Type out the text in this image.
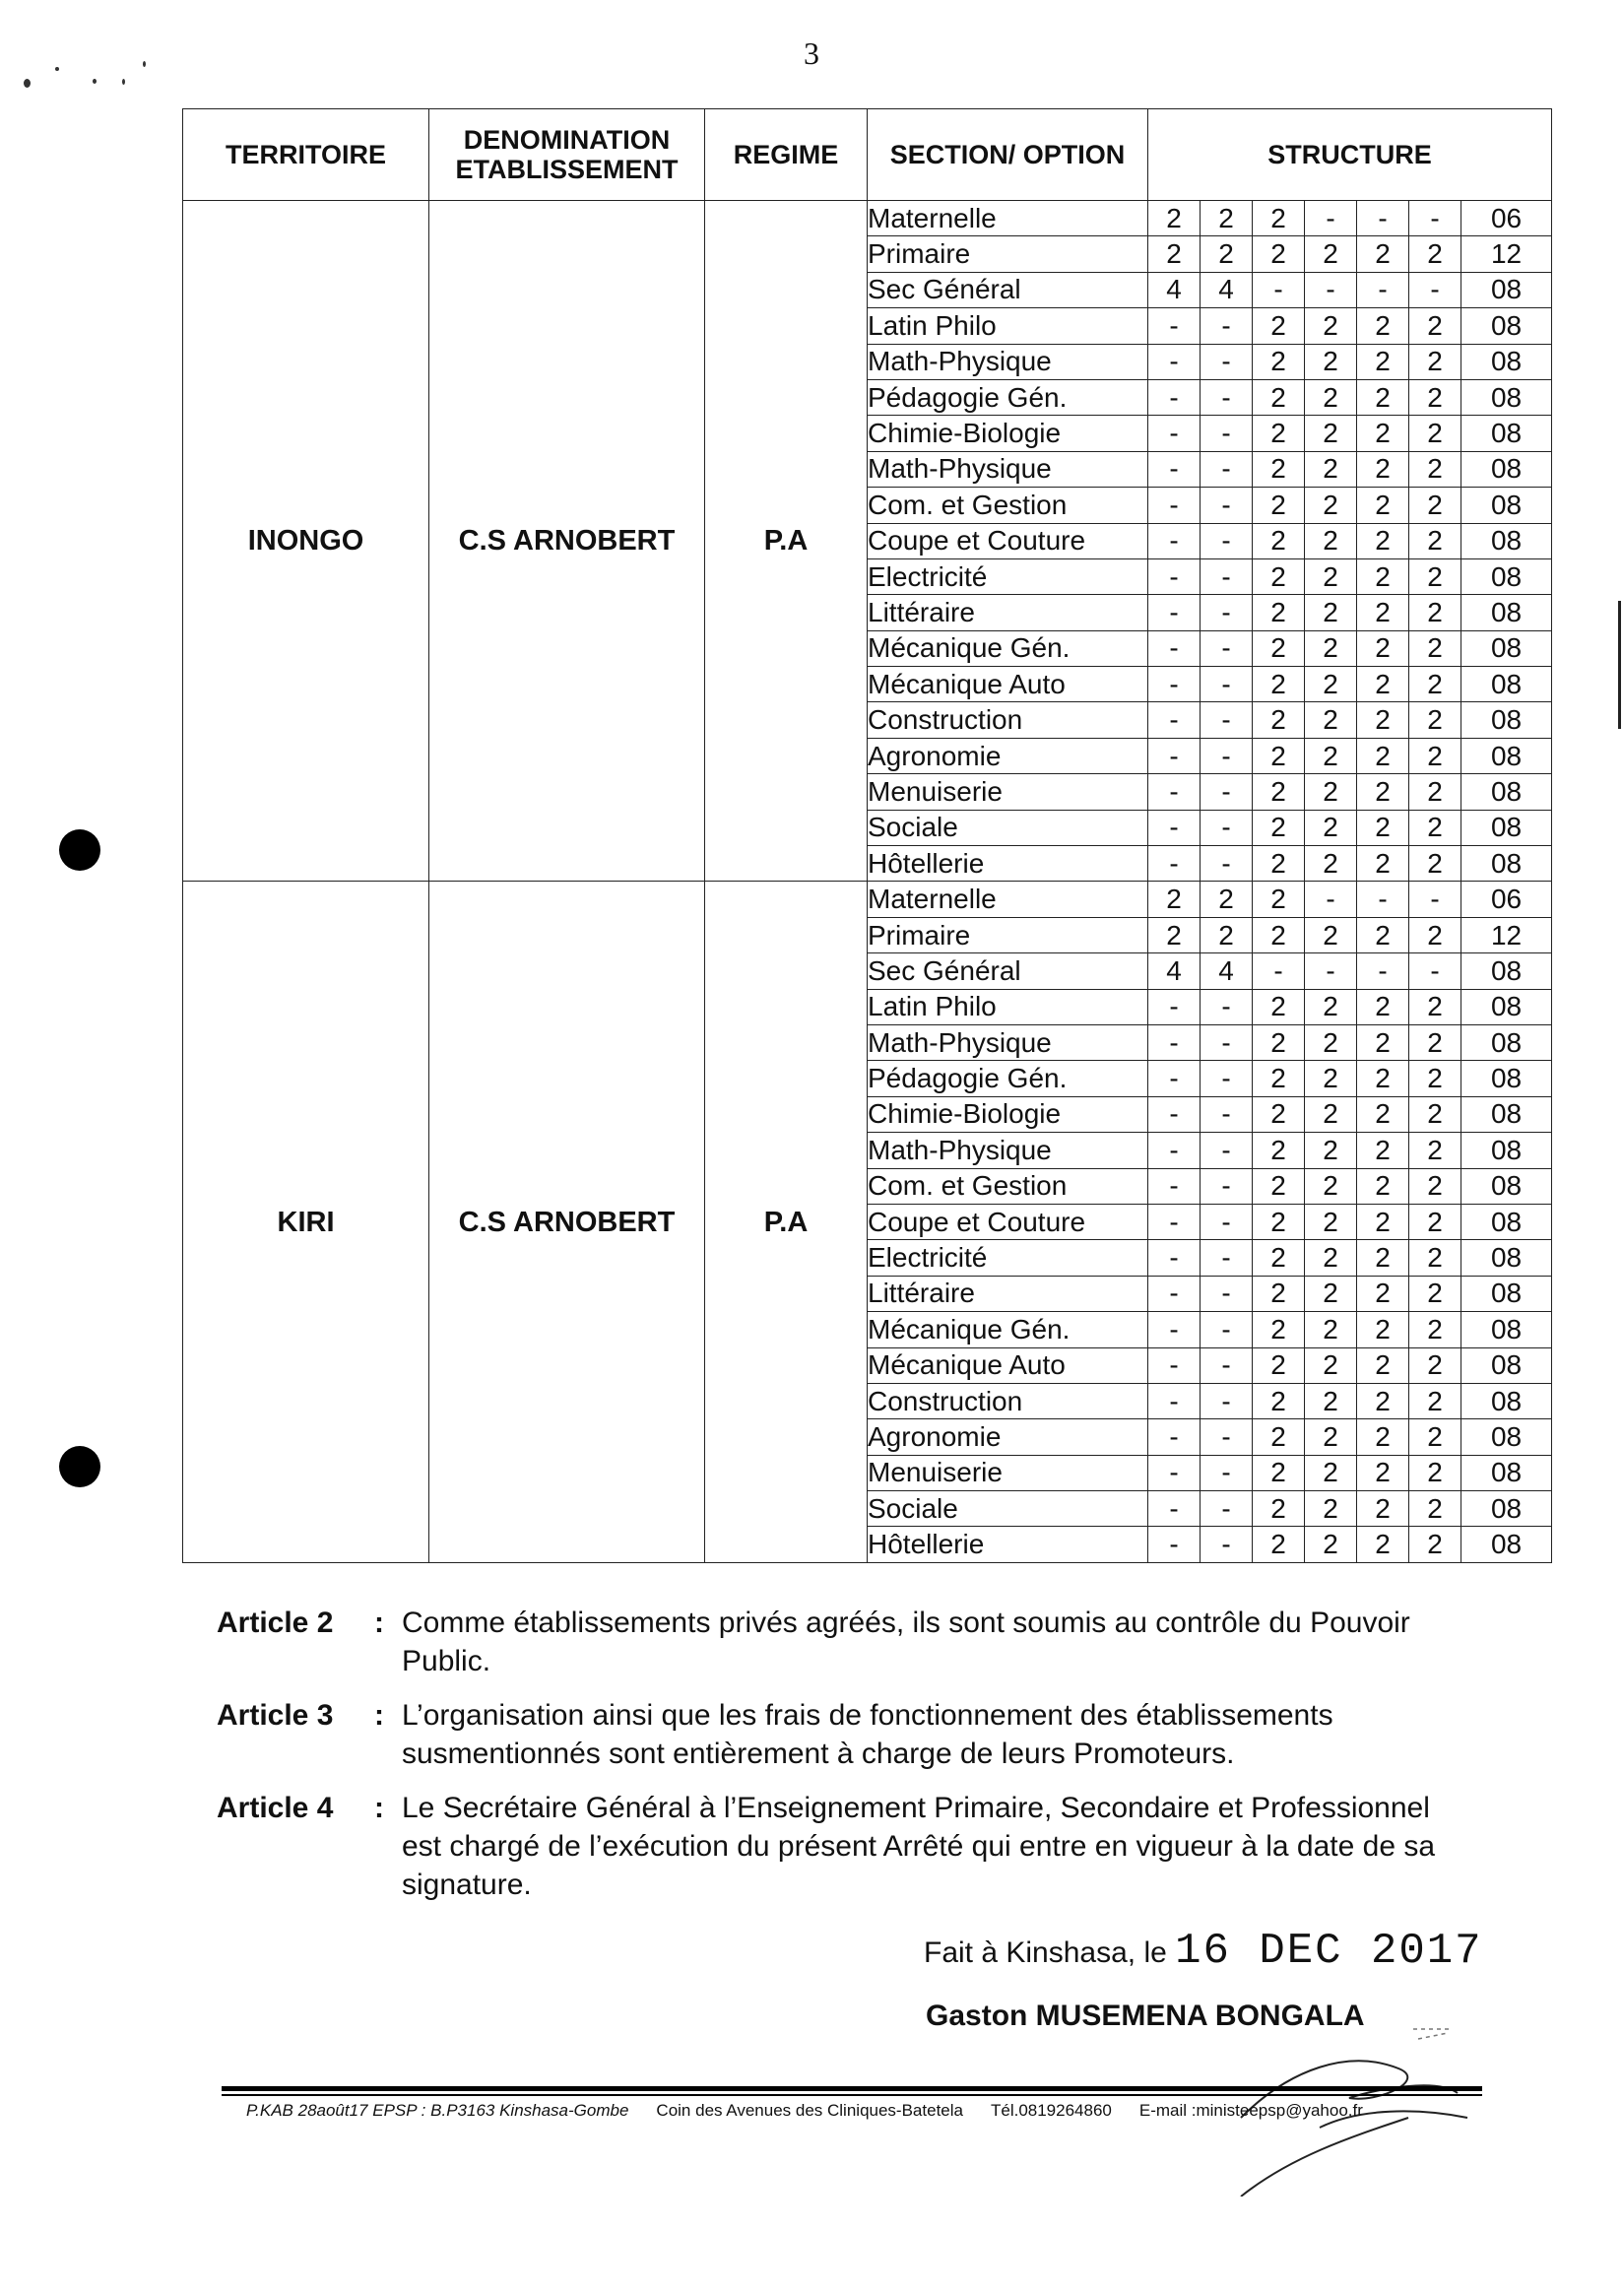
3
TERRITOIRE	DENOMINATION ETABLISSEMENT	REGIME	SECTION/ OPTION	STRUCTURE						
INONGO	C.S ARNOBERT	P.A	Maternelle	2	2	2	-	-	-	06
			Primaire	2	2	2	2	2	2	12
			Sec Général	4	4	-	-	-	-	08
			Latin Philo	-	-	2	2	2	2	08
			Math-Physique	-	-	2	2	2	2	08
			Pédagogie Gén.	-	-	2	2	2	2	08
			Chimie-Biologie	-	-	2	2	2	2	08
			Math-Physique	-	-	2	2	2	2	08
			Com. et Gestion	-	-	2	2	2	2	08
			Coupe et Couture	-	-	2	2	2	2	08
			Electricité	-	-	2	2	2	2	08
			Littéraire	-	-	2	2	2	2	08
			Mécanique Gén.	-	-	2	2	2	2	08
			Mécanique Auto	-	-	2	2	2	2	08
			Construction	-	-	2	2	2	2	08
			Agronomie	-	-	2	2	2	2	08
			Menuiserie	-	-	2	2	2	2	08
			Sociale	-	-	2	2	2	2	08
			Hôtellerie	-	-	2	2	2	2	08
KIRI	C.S ARNOBERT	P.A	Maternelle	2	2	2	-	-	-	06
			Primaire	2	2	2	2	2	2	12
			Sec Général	4	4	-	-	-	-	08
			Latin Philo	-	-	2	2	2	2	08
			Math-Physique	-	-	2	2	2	2	08
			Pédagogie Gén.	-	-	2	2	2	2	08
			Chimie-Biologie	-	-	2	2	2	2	08
			Math-Physique	-	-	2	2	2	2	08
			Com. et Gestion	-	-	2	2	2	2	08
			Coupe et Couture	-	-	2	2	2	2	08
			Electricité	-	-	2	2	2	2	08
			Littéraire	-	-	2	2	2	2	08
			Mécanique Gén.	-	-	2	2	2	2	08
			Mécanique Auto	-	-	2	2	2	2	08
			Construction	-	-	2	2	2	2	08
			Agronomie	-	-	2	2	2	2	08
			Menuiserie	-	-	2	2	2	2	08
			Sociale	-	-	2	2	2	2	08
			Hôtellerie	-	-	2	2	2	2	08
Article 2	: Comme établissements privés agréés, ils sont soumis au contrôle du Pouvoir Public.
Article 3	: L’organisation ainsi que les frais de fonctionnement des établissements susmentionnés sont entièrement à charge de leurs Promoteurs.
Article 4	: Le Secrétaire Général à l’Enseignement Primaire, Secondaire et Professionnel est chargé de l’exécution du présent Arrêté qui entre en vigueur à la date de sa signature.
Fait à Kinshasa, le 16 DEC 2017
Gaston MUSEMENA BONGALA
P.KAB 28août17 EPSP : B.P3163 Kinshasa-Gombe Coin des Avenues des Cliniques-Batetela Tél.0819264860 E-mail :ministeepsp@yahoo.fr
